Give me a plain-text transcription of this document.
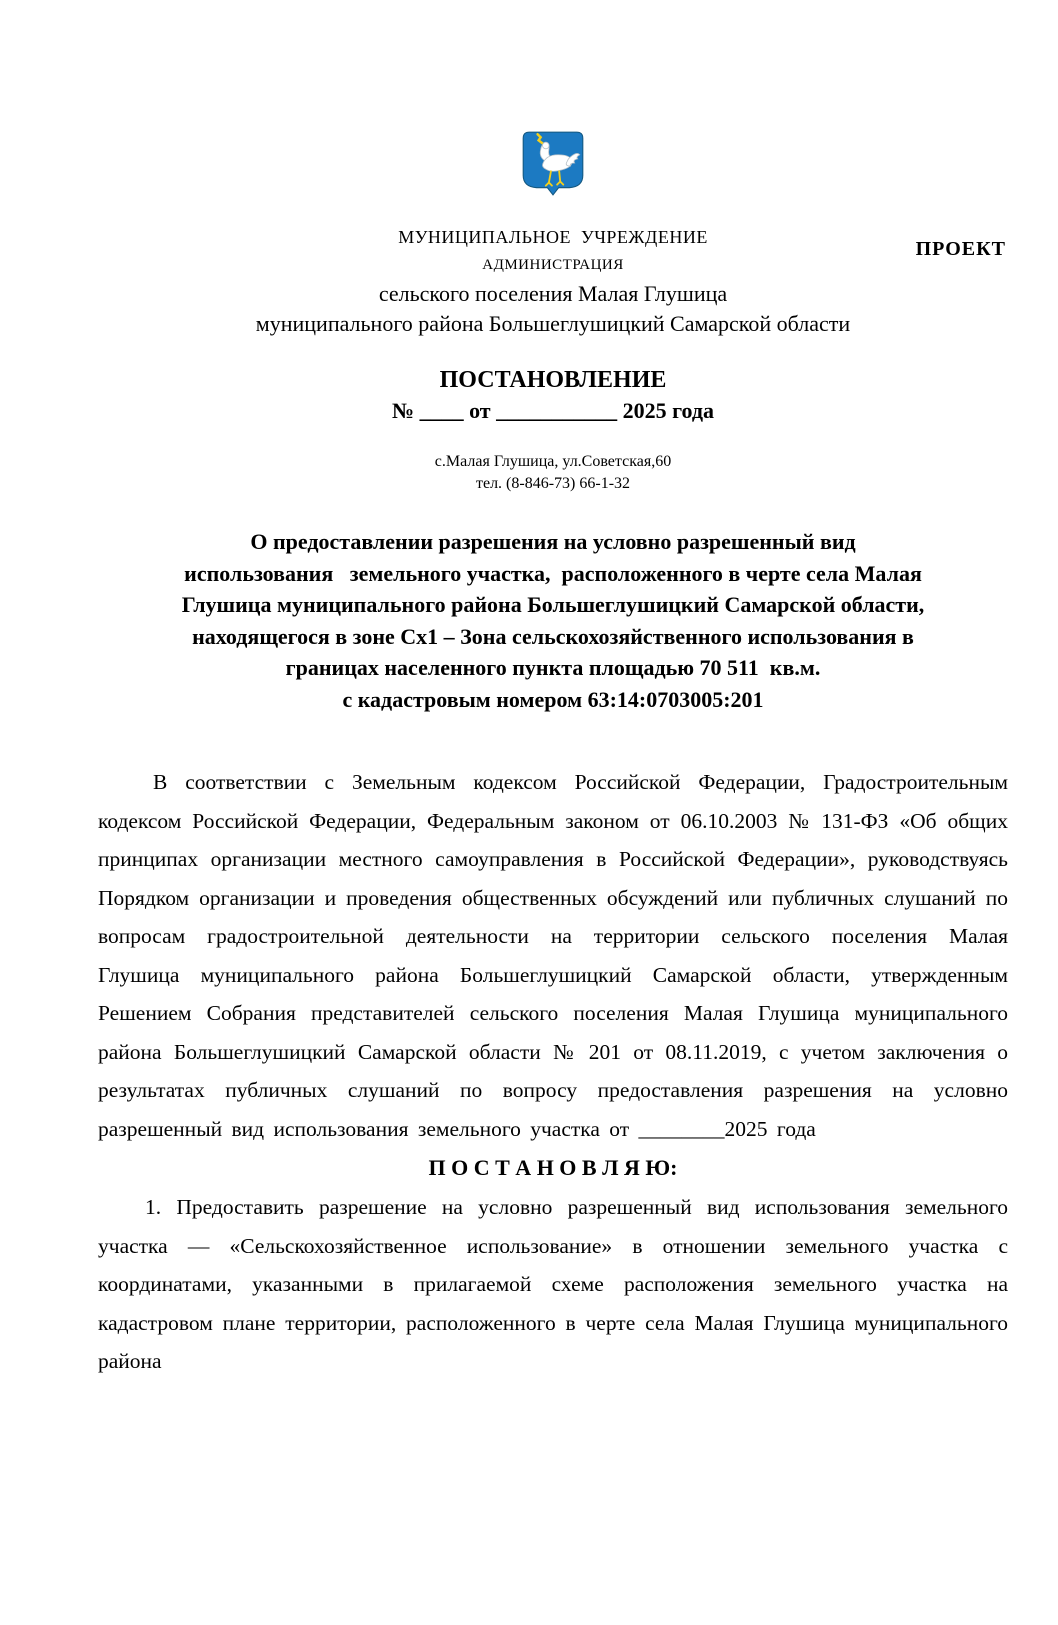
ПРОЕКТ
МУНИЦИПАЛЬНОЕ  УЧРЕЖДЕНИЕ
АДМИНИСТРАЦИЯ
сельского поселения Малая Глушица
муниципального района Большеглушицкий Самарской области
ПОСТАНОВЛЕНИЕ
№ ____ от ___________ 2025 года
с.Малая Глушица, ул.Советская,60
тел. (8-846-73) 66-1-32
О предоставлении разрешения на условно разрешенный вид
использования   земельного участка,  расположенного в черте села Малая
Глушица муниципального района Большеглушицкий Самарской области,
находящегося в зоне Сх1 – Зона сельскохозяйственного использования в
границах населенного пункта площадью 70 511  кв.м.
с кадастровым номером 63:14:0703005:201
В соответствии с Земельным кодексом Российской Федерации, Градостроительным кодексом Российской Федерации, Федеральным законом от 06.10.2003 № 131-ФЗ «Об общих принципах организации местного самоуправления в Российской Федерации», руководствуясь Порядком организации и проведения общественных обсуждений или публичных слушаний по вопросам градостроительной деятельности на территории сельского поселения Малая Глушица муниципального района Большеглушицкий Самарской области, утвержденным Решением Собрания представителей сельского поселения Малая Глушица муниципального района Большеглушицкий Самарской области № 201 от 08.11.2019, с учетом заключения о результатах публичных слушаний по вопросу предоставления разрешения на условно разрешенный вид использования земельного участка от ________2025 года
П О С Т А Н О В Л Я Ю:
1. Предоставить разрешение на условно разрешенный вид использования земельного участка — «Сельскохозяйственное использование» в отношении земельного участка с координатами, указанными в прилагаемой схеме расположения земельного участка на кадастровом плане территории, расположенного в черте села Малая Глушица муниципального района
